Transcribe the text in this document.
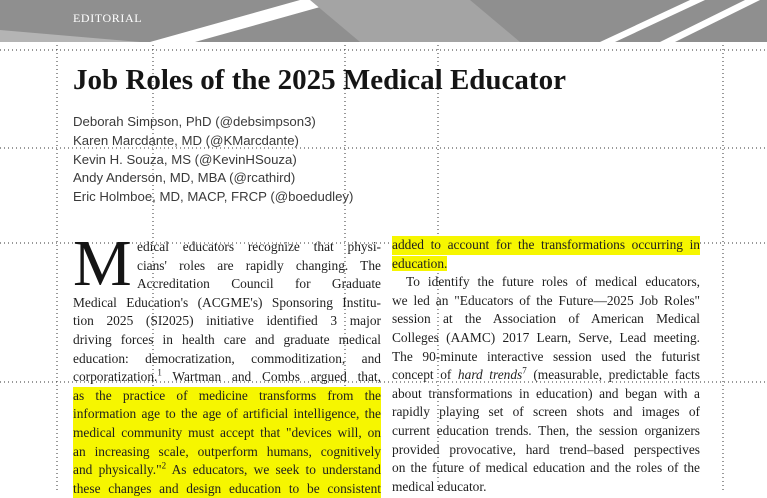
EDITORIAL
Job Roles of the 2025 Medical Educator
Deborah Simpson, PhD (@debsimpson3)
Karen Marcdante, MD (@KMarcdante)
Kevin H. Souza, MS (@KevinHSouza)
Andy Anderson, MD, MBA (@rcathird)
Eric Holmboe, MD, MACP, FRCP (@boedudley)
M edical educators recognize that physi-
cians' roles are rapidly changing. The
Accreditation Council for Graduate
Medical Education's (ACGME's) Sponsoring Institu-
tion 2025 (SI2025) initiative identified 3 major
driving forces in health care and graduate medical
education: democratization, commoditization, and
corporatization.$^1$ Wartman and Combs argued that,
as the practice of medicine transforms from the
information age to the age of artificial intelligence, the
medical community must accept that "devices will, on
an increasing scale, outperform humans, cognitively
and physically."$^2$ As educators, we seek to understand
these changes and design education to be consistent
added to account for the transformations occurring in
education.
To identify the future roles of medical educators,
we led an "Educators of the Future—2025 Job Roles"
session at the Association of American Medical
Colleges (AAMC) 2017 Learn, Serve, Lead meeting.
The 90-minute interactive session used the futurist
concept of hard trends$^7$ (measurable, predictable facts
about transformations in education) and began with a
rapidly playing set of screen shots and images of
current education trends. Then, the session organizers
provided provocative, hard trend–based perspectives
on the future of medical education and the roles of the
medical educator.
